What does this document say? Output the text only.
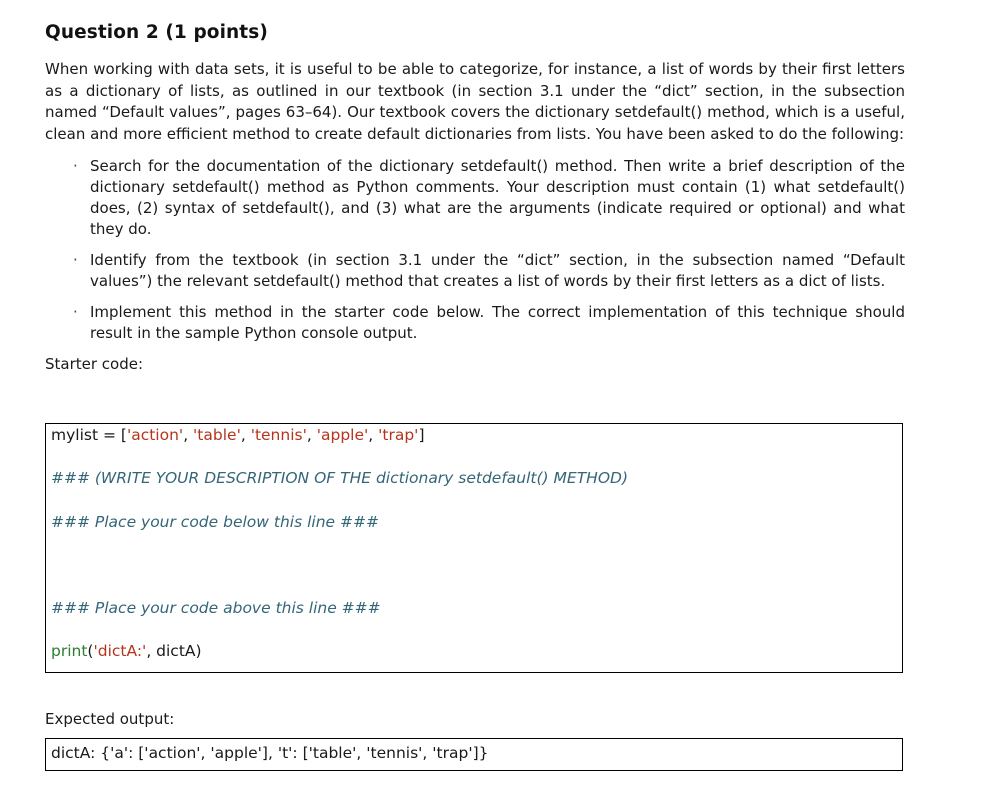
Question 2 (1 points)

When working with data sets, it is useful to be able to categorize, for instance, a list of words by their first letters as a dictionary of lists, as outlined in our textbook (in section 3.1 under the “dict” section, in the subsection named “Default values”, pages 63–64). Our textbook covers the dictionary setdefault() method, which is a useful, clean and more efficient method to create default dictionaries from lists. You have been asked to do the following:

· Search for the documentation of the dictionary setdefault() method. Then write a brief description of the dictionary setdefault() method as Python comments. Your description must contain (1) what setdefault() does, (2) syntax of setdefault(), and (3) what are the arguments (indicate required or optional) and what they do.
· Identify from the textbook (in section 3.1 under the “dict” section, in the subsection named “Default values”) the relevant setdefault() method that creates a list of words by their first letters as a dict of lists.
· Implement this method in the starter code below. The correct implementation of this technique should result in the sample Python console output.

Starter code:

mylist = ['action', 'table', 'tennis', 'apple', 'trap']
### (WRITE YOUR DESCRIPTION OF THE dictionary setdefault() METHOD)
### Place your code below this line ###
### Place your code above this line ###
print('dictA:', dictA)

Expected output:

dictA: {'a': ['action', 'apple'], 't': ['table', 'tennis', 'trap']}
